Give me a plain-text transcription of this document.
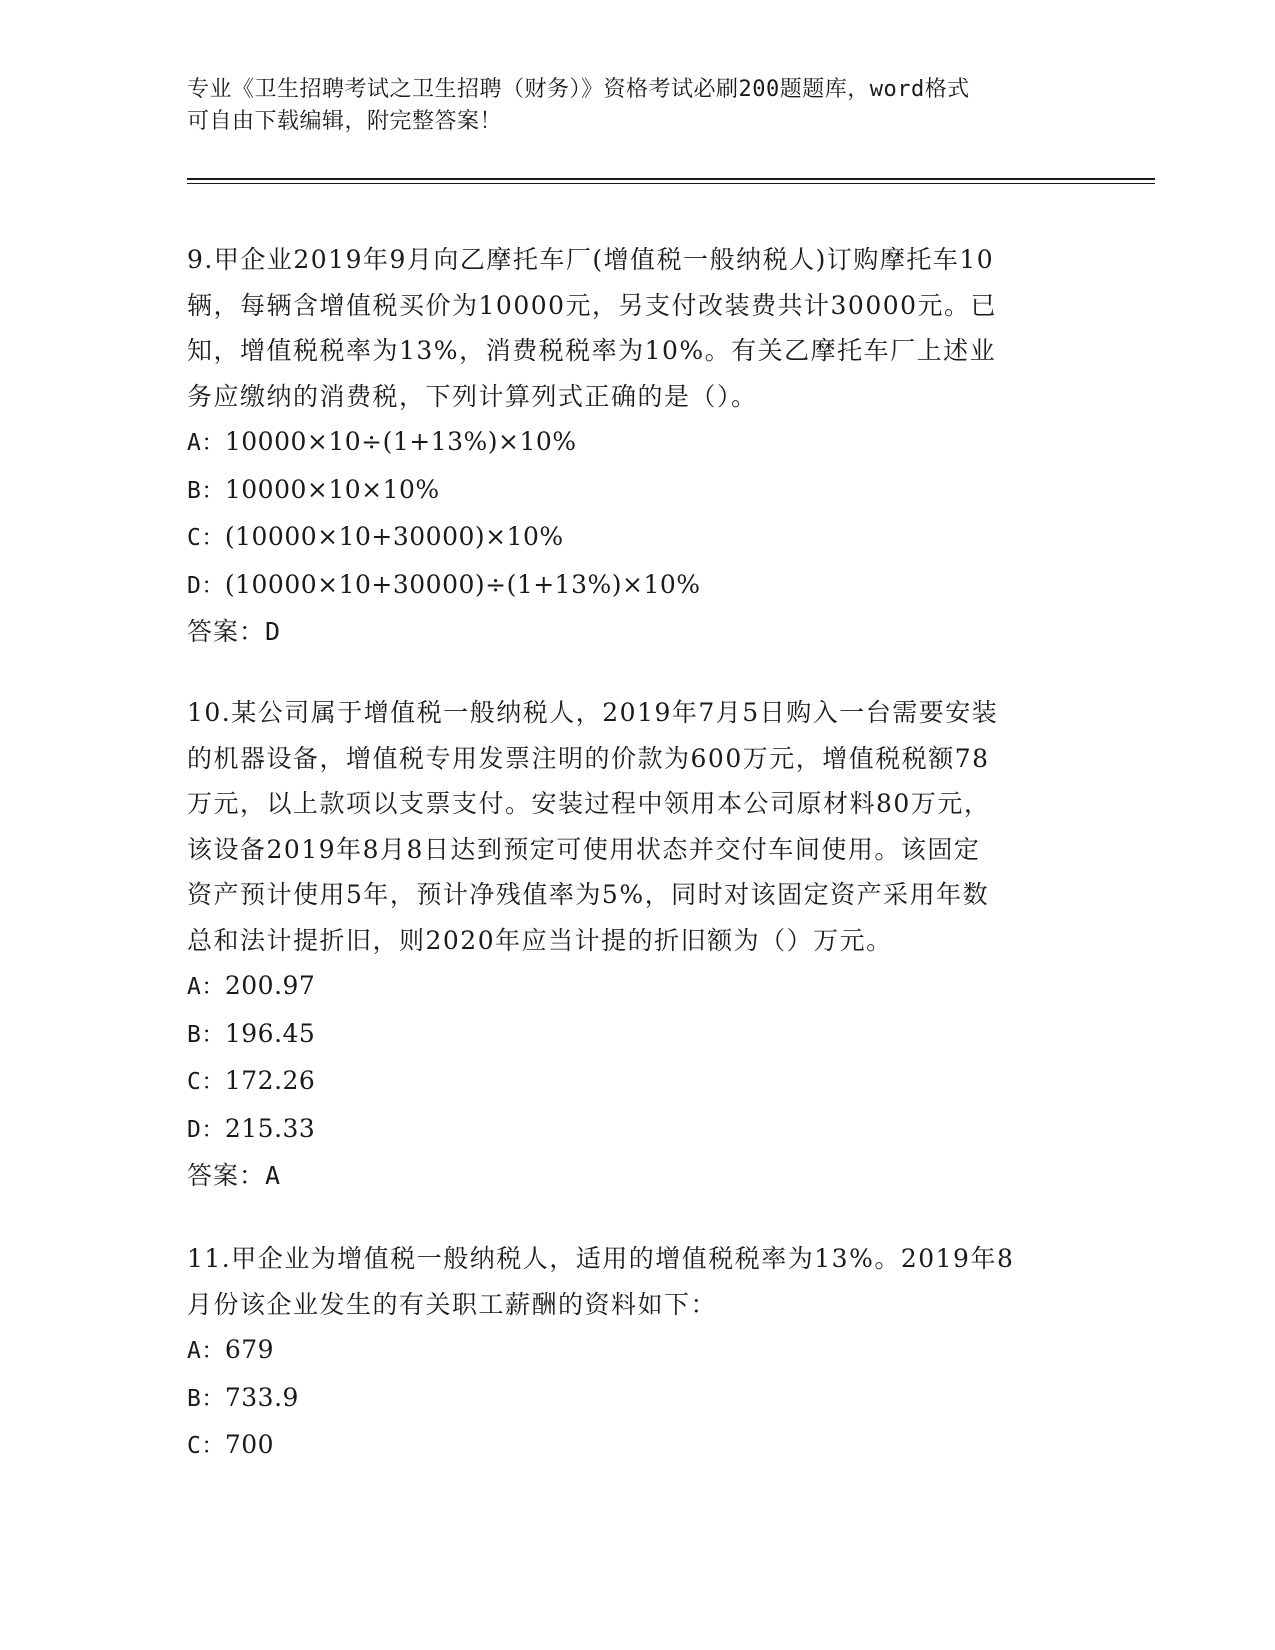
专业《卫生招聘考试之卫生招聘（财务）》资格考试必刷200题题库，word格式
可自由下载编辑，附完整答案！

9.甲企业2019年9月向乙摩托车厂(增值税一般纳税人)订购摩托车10

辆，每辆含增值税买价为10000元，另支付改装费共计30000元。已

知，增值税税率为13%，消费税税率为10%。有关乙摩托车厂上述业

务应缴纳的消费税，下列计算列式正确的是（）。

A：10000×10÷(1+13%)×10%

B：10000×10×10%

C：(10000×10+30000)×10%

D：(10000×10+30000)÷(1+13%)×10%

答案：D

10.某公司属于增值税一般纳税人，2019年7月5日购入一台需要安装

的机器设备，增值税专用发票注明的价款为600万元，增值税税额78

万元，以上款项以支票支付。安装过程中领用本公司原材料80万元，

该设备2019年8月8日达到预定可使用状态并交付车间使用。该固定

资产预计使用5年，预计净残值率为5%，同时对该固定资产采用年数

总和法计提折旧，则2020年应当计提的折旧额为（）万元。

A：200.97

B：196.45

C：172.26

D：215.33

答案：A

11.甲企业为增值税一般纳税人，适用的增值税税率为13%。2019年8

月份该企业发生的有关职工薪酬的资料如下：

A：679

B：733.9

C：700
